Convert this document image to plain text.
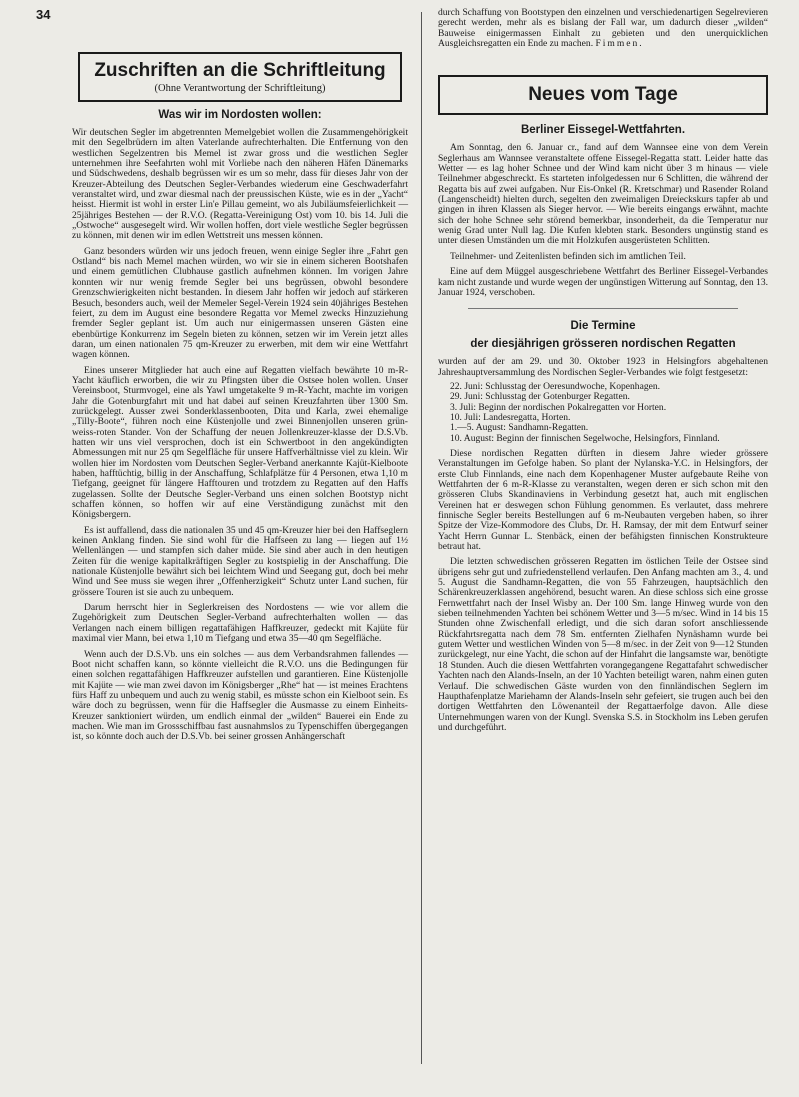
34
Zuschriften an die Schriftleitung
(Ohne Verantwortung der Schriftleitung)
Was wir im Nordosten wollen:

Wir deutschen Segler im abgetrennten Memelgebiet wollen die Zusammengehörigkeit mit den Segelbrüdern im alten Vaterlande aufrechterhalten. Die Entfernung von den westlichen Segelzentren bis Memel ist zwar gross und die westlichen Segler unternehmen ihre Seefahrten wohl mit Vorliebe nach den näheren Häfen Dänemarks und Südschwedens, deshalb begrüssen wir es um so mehr, dass für dieses Jahr von der Kreuzer-Abteilung des Deutschen Segler-Verbandes wiederum eine Geschwaderfahrt veranstaltet wird, und zwar diesmal nach der preussischen Küste, wie es in der „Yacht“ heisst. Hiermit ist wohl in erster Lin'e Pillau gemeint, wo als Jubiläumsfeierlichkeit — 25jähriges Bestehen — der R.V.O. (Regatta-Vereinigung Ost) vom 10. bis 14. Juli die „Ostwoche“ ausgesegelt wird. Wir wollen hoffen, dort viele westliche Segler begrüssen zu können, mit denen wir im edlen Wettstreit uns messen können.

Ganz besonders würden wir uns jedoch freuen, wenn einige Segler ihre „Fahrt gen Ostland“ bis nach Memel machen würden, wo wir sie in einem sicheren Bootshafen und einem gemütlichen Clubhause gastlich aufnehmen können. Im vorigen Jahre konnten wir nur wenig fremde Segler bei uns begrüssen, obwohl besondere Grenzschwierigkeiten nicht bestanden. In diesem Jahr hoffen wir jedoch auf stärkeren Besuch, besonders auch, weil der Memeler Segel-Verein 1924 sein 40jähriges Bestehen feiert, zu dem im August eine besondere Regatta vor Memel zwecks Hinzuziehung fremder Segler geplant ist. Um auch nur einigermassen unseren Gästen eine ebenbürtige Konkurrenz im Segeln bieten zu können, setzen wir im Verein jetzt alles daran, um einen nationalen 75 qm-Kreuzer zu erwerben, mit dem wir eine Wettfahrt wagen können.

Eines unserer Mitglieder hat auch eine auf Regatten vielfach bewährte 10 m-R-Yacht käuflich erworben, die wir zu Pfingsten über die Ostsee holen wollen. Unser Vereinsboot, Sturmvogel, eine als Yawl umgetakelte 9 m-R-Yacht, machte im vorigen Jahr die Gotenburgfahrt mit und hat dabei auf seinen Kreuzfahrten über 1300 Sm. zurückgelegt. Ausser zwei Sonderklassenbooten, Dita und Karla, zwei ehemalige „Tilly-Boote“, führen noch eine Küstenjolle und zwei Binnenjollen unseren grün-weiss-roten Stander. Von der Schaffung der neuen Jollenkreuzer-klasse der D.S.Vb. hatten wir uns viel versprochen, doch ist ein Schwertboot in den angekündigten Abmessungen mit nur 25 qm Segelfläche für unsere Haffverhältnisse viel zu klein. Wir wollen hier im Nordosten vom Deutschen Segler-Verband anerkannte Kajüt-Kielboote haben, hafftüchtig, billig in der Anschaffung, Schlafplätze für 4 Personen, etwa 1,10 m Tiefgang, geeignet für längere Hafftouren und trotzdem zu Regatten auf den Haffs zugelassen. Sollte der Deutsche Segler-Verband uns einen solchen Bootstyp nicht schaffen können, so hoffen wir auf eine Verständigung zunächst mit den Königsbergern.

Es ist auffallend, dass die nationalen 35 und 45 qm-Kreuzer hier bei den Haffseglern keinen Anklang finden. Sie sind wohl für die Haffseen zu lang — liegen auf 1½ Wellenlängen — und stampfen sich daher müde. Sie sind aber auch in den heutigen Zeiten für die wenige kapitalkräftigen Segler zu kostspielig in der Anschaffung. Die nationale Küstenjolle bewährt sich bei leichtem Wind und Seegang gut, doch bei mehr Wind und See muss sie wegen ihrer „Offenherzigkeit“ Schutz unter Land suchen, für grössere Touren ist sie auch zu unbequem.

Darum herrscht hier in Seglerkreisen des Nordostens — wie vor allem die Zugehörigkeit zum Deutschen Segler-Verband aufrechterhalten wollen — das Verlangen nach einem billigen regattafähigen Haffkreuzer, gedeckt mit Kajüte für maximal vier Mann, bei etwa 1,10 m Tiefgang und etwa 35—40 qm Segelfläche.

Wenn auch der D.S.Vb. uns ein solches — aus dem Verbandsrahmen fallendes — Boot nicht schaffen kann, so könnte vielleicht die R.V.O. uns die Bedingungen für einen solchen regattafähigen Haffkreuzer aufstellen und garantieren. Eine Küstenjolle mit Kajüte — wie man zwei davon im Königsberger „Rhe“ hat — ist meines Erachtens fürs Haff zu unbequem und auch zu wenig stabil, es müsste schon ein Kielboot sein. Es wäre doch zu begrüssen, wenn für die Haffsegler die Ausmasse zu einem Einheits-Kreuzer sanktioniert würden, um endlich einmal der „wilden“ Bauerei ein Ende zu machen. Wie man im Grossschiffbau fast ausnahmslos zu Typenschiffen übergegangen ist, so könnte doch auch der D.S.Vb. bei seiner grossen Anhängerschaft

durch Schaffung von Bootstypen den einzelnen und verschiedenartigen Segelrevieren gerecht werden, mehr als es bislang der Fall war, um dadurch dieser „wilden“ Bauweise einigermassen Einhalt zu gebieten und den unerquicklichen Ausgleichsregatten ein Ende zu machen. Fimmen.

Neues vom Tage
Berliner Eissegel-Wettfahrten.

Am Sonntag, den 6. Januar cr., fand auf dem Wannsee eine von dem Verein Seglerhaus am Wannsee veranstaltete offene Eissegel-Regatta statt. Leider hatte das Wetter — es lag hoher Schnee und der Wind kam nicht über 3 m hinaus — viele Teilnehmer abgeschreckt. Es starteten infolgedessen nur 6 Schlitten, die während der Regatta bis auf zwei aufgaben. Nur Eis-Onkel (R. Kretschmar) und Rasender Roland (Langenscheidt) hielten durch, segelten den zweimaligen Dreieckskurs tapfer ab und gingen in ihren Klassen als Sieger hervor. — Wie bereits eingangs erwähnt, machte sich der hohe Schnee sehr störend bemerkbar, insonderheit, da die Temperatur nur wenig Grad unter Null lag. Die Kufen klebten stark. Besonders ungünstig stand es unter diesen Umständen um die mit Holzkufen ausgerüsteten Schlitten.

Teilnehmer- und Zeitenlisten befinden sich im amtlichen Teil.

Eine auf dem Müggel ausgeschriebene Wettfahrt des Berliner Eissegel-Verbandes kam nicht zustande und wurde wegen der ungünstigen Witterung auf Sonntag, den 13. Januar 1924, verschoben.

Die Termine
der diesjährigen grösseren nordischen Regatten

wurden auf der am 29. und 30. Oktober 1923 in Helsingfors abgehaltenen Jahreshauptversammlung des Nordischen Segler-Verbandes wie folgt festgesetzt:

22. Juni: Schlusstag der Oeresundwoche, Kopenhagen.
29. Juni: Schlusstag der Gotenburger Regatten.
3. Juli: Beginn der nordischen Pokalregatten vor Horten.
10. Juli: Landesregatta, Horten.
1.—5. August: Sandhamn-Regatten.
10. August: Beginn der finnischen Segelwoche, Helsingfors, Finnland.

Diese nordischen Regatten dürften in diesem Jahre wieder grössere Veranstaltungen im Gefolge haben. So plant der Nylanska-Y.C. in Helsingfors, der erste Club Finnlands, eine nach dem Kopenhagener Muster aufgebaute Reihe von Wettfahrten der 6 m-R-Klasse zu veranstalten, wegen deren er sich schon mit den grösseren Clubs Skandinaviens in Verbindung gesetzt hat, auch mit englischen Vereinen hat er deswegen schon Fühlung genommen. Es verlautet, dass mehrere finnische Segler bereits Bestellungen auf 6 m-Neubauten vergeben haben, so ihrer Spitze der Vize-Kommodore des Clubs, Dr. H. Ramsay, der mit dem Entwurf seiner Yacht Herrn Gunnar L. Stenbäck, einen der befähigsten finnischen Konstrukteure betraut hat.

Die letzten schwedischen grösseren Regatten im östlichen Teile der Ostsee sind übrigens sehr gut und zufriedenstellend verlaufen. Den Anfang machten am 3., 4. und 5. August die Sandhamn-Regatten, die von 55 Fahrzeugen, hauptsächlich den Schärenkreuzerklassen angehörend, besucht waren. An diese schloss sich eine grosse Fernwettfahrt nach der Insel Wisby an. Der 100 Sm. lange Hinweg wurde von den sieben teilnehmenden Yachten bei schönem Wetter und 3—5 m/sec. Wind in 14 bis 15 Stunden ohne Zwischenfall erledigt, und die sich daran sofort anschliessende Rückfahrtsregatta nach dem 78 Sm. entfernten Zielhafen Nynäshamn wurde bei gutem Wetter und westlichen Winden von 5—8 m/sec. in der Zeit von 9—12 Stunden zurückgelegt, nur eine Yacht, die schon auf der Hinfahrt die langsamste war, benötigte 18 Stunden. Auch die diesen Wettfahrten vorangegangene Regattafahrt schwedischer Yachten nach den Alands-Inseln, an der 10 Yachten beteiligt waren, nahm einen guten Verlauf. Die schwedischen Gäste wurden von den finnländischen Seglern im Haupthafenplatze Mariehamn der Alands-Inseln sehr gefeiert, sie trugen auch bei den dortigen Wettfahrten den Löwenanteil der Regattaerfolge davon. Alle diese Unternehmungen waren von der Kungl. Svenska S.S. in Stockholm ins Leben gerufen und durchgeführt.
